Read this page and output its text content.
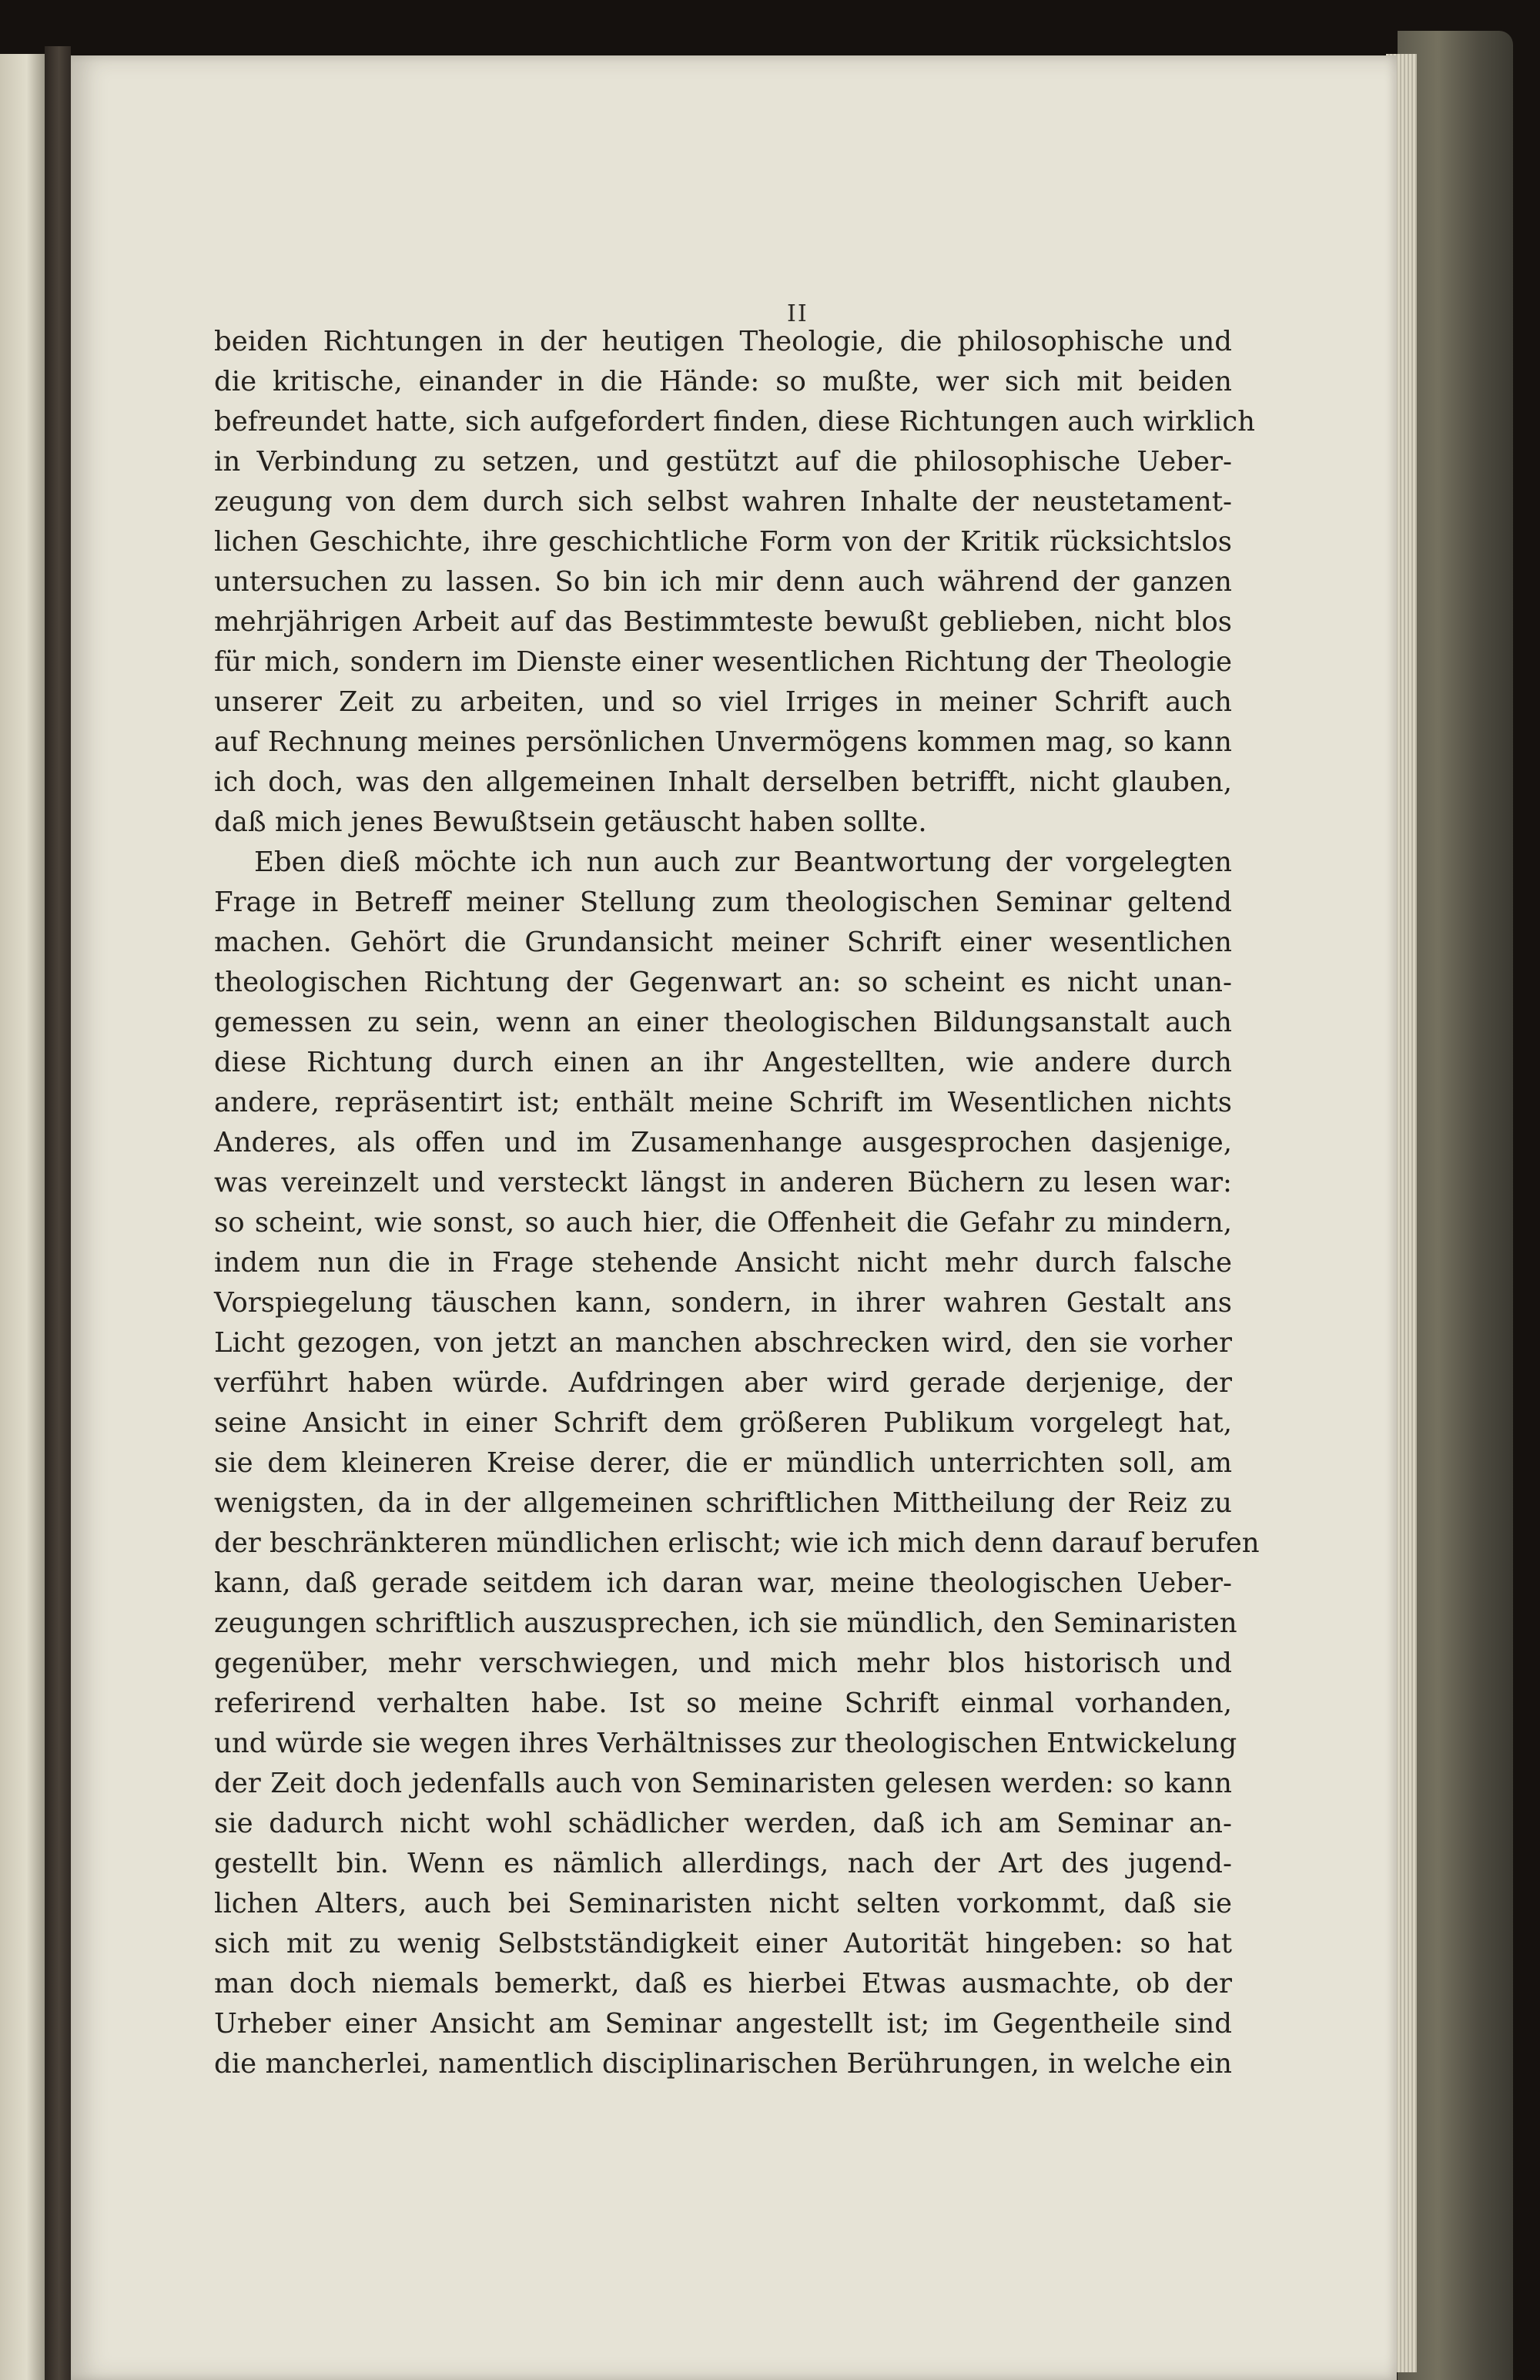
II
beiden Richtungen in der heutigen Theologie, die philosophische und
die kritische, einander in die Hände: so mußte, wer sich mit beiden
befreundet hatte, sich aufgefordert finden, diese Richtungen auch wirklich
in Verbindung zu setzen, und gestützt auf die philosophische Ueber-
zeugung von dem durch sich selbst wahren Inhalte der neustetament-
lichen Geschichte, ihre geschichtliche Form von der Kritik rücksichtslos
untersuchen zu lassen. So bin ich mir denn auch während der ganzen
mehrjährigen Arbeit auf das Bestimmteste bewußt geblieben, nicht blos
für mich, sondern im Dienste einer wesentlichen Richtung der Theologie
unserer Zeit zu arbeiten, und so viel Irriges in meiner Schrift auch
auf Rechnung meines persönlichen Unvermögens kommen mag, so kann
ich doch, was den allgemeinen Inhalt derselben betrifft, nicht glauben,
daß mich jenes Bewußtsein getäuscht haben sollte.
Eben dieß möchte ich nun auch zur Beantwortung der vorgelegten
Frage in Betreff meiner Stellung zum theologischen Seminar geltend
machen. Gehört die Grundansicht meiner Schrift einer wesentlichen
theologischen Richtung der Gegenwart an: so scheint es nicht unan-
gemessen zu sein, wenn an einer theologischen Bildungsanstalt auch
diese Richtung durch einen an ihr Angestellten, wie andere durch
andere, repräsentirt ist; enthält meine Schrift im Wesentlichen nichts
Anderes, als offen und im Zusamenhange ausgesprochen dasjenige,
was vereinzelt und versteckt längst in anderen Büchern zu lesen war:
so scheint, wie sonst, so auch hier, die Offenheit die Gefahr zu mindern,
indem nun die in Frage stehende Ansicht nicht mehr durch falsche
Vorspiegelung täuschen kann, sondern, in ihrer wahren Gestalt ans
Licht gezogen, von jetzt an manchen abschrecken wird, den sie vorher
verführt haben würde. Aufdringen aber wird gerade derjenige, der
seine Ansicht in einer Schrift dem größeren Publikum vorgelegt hat,
sie dem kleineren Kreise derer, die er mündlich unterrichten soll, am
wenigsten, da in der allgemeinen schriftlichen Mittheilung der Reiz zu
der beschränkteren mündlichen erlischt; wie ich mich denn darauf berufen
kann, daß gerade seitdem ich daran war, meine theologischen Ueber-
zeugungen schriftlich auszusprechen, ich sie mündlich, den Seminaristen
gegenüber, mehr verschwiegen, und mich mehr blos historisch und
referirend verhalten habe. Ist so meine Schrift einmal vorhanden,
und würde sie wegen ihres Verhältnisses zur theologischen Entwickelung
der Zeit doch jedenfalls auch von Seminaristen gelesen werden: so kann
sie dadurch nicht wohl schädlicher werden, daß ich am Seminar an-
gestellt bin. Wenn es nämlich allerdings, nach der Art des jugend-
lichen Alters, auch bei Seminaristen nicht selten vorkommt, daß sie
sich mit zu wenig Selbstständigkeit einer Autorität hingeben: so hat
man doch niemals bemerkt, daß es hierbei Etwas ausmachte, ob der
Urheber einer Ansicht am Seminar angestellt ist; im Gegentheile sind
die mancherlei, namentlich disciplinarischen Berührungen, in welche ein
